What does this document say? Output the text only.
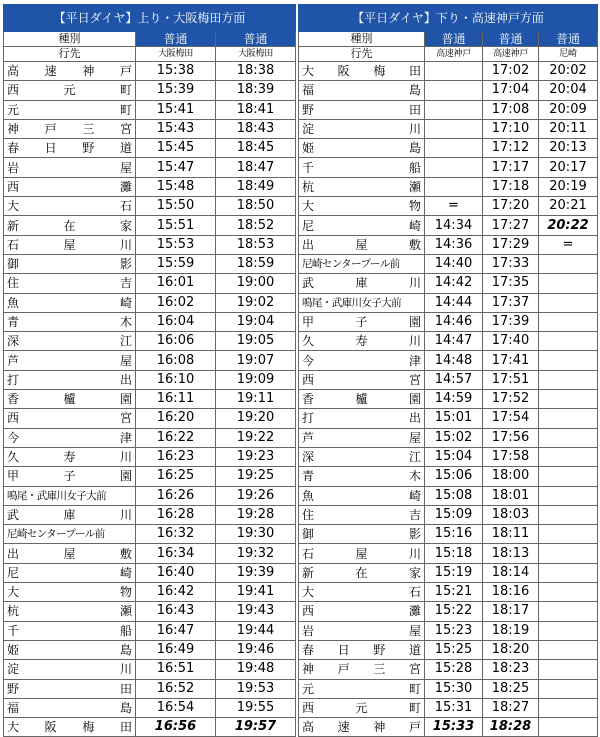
【平日ダイヤ】上り・大阪梅田方面		
種別	普通	普通
行先	大阪梅田	大阪梅田
高速神戸	15:38	18:38
西元町	15:39	18:39
元町	15:41	18:41
神戸三宮	15:43	18:43
春日野道	15:45	18:45
岩屋	15:47	18:47
西灘	15:48	18:49
大石	15:50	18:50
新在家	15:51	18:52
石屋川	15:53	18:53
御影	15:59	18:59
住吉	16:01	19:00
魚崎	16:02	19:02
青木	16:04	19:04
深江	16:06	19:05
芦屋	16:08	19:07
打出	16:10	19:09
香櫨園	16:11	19:11
西宮	16:20	19:20
今津	16:22	19:22
久寿川	16:23	19:23
甲子園	16:25	19:25
鳴尾・武庫川女子大前	16:26	19:26
武庫川	16:28	19:28
尼崎センタープール前	16:32	19:30
出屋敷	16:34	19:32
尼崎	16:40	19:39
大物	16:42	19:41
杭瀬	16:43	19:43
千船	16:47	19:44
姫島	16:49	19:46
淀川	16:51	19:48
野田	16:52	19:53
福島	16:54	19:55
大阪梅田	16:56	19:57
【平日ダイヤ】下り・高速神戸方面			
種別	普通	普通	普通
行先	高速神戸	高速神戸	尼崎
大阪梅田		17:02	20:02
福島		17:04	20:04
野田		17:08	20:09
淀川		17:10	20:11
姫島		17:12	20:13
千船		17:17	20:17
杭瀬		17:18	20:19
大物	=	17:20	20:21
尼崎	14:34	17:27	20:22
出屋敷	14:36	17:29	=
尼崎センタープール前	14:40	17:33	
武庫川	14:42	17:35	
鳴尾・武庫川女子大前	14:44	17:37	
甲子園	14:46	17:39	
久寿川	14:47	17:40	
今津	14:48	17:41	
西宮	14:57	17:51	
香櫨園	14:59	17:52	
打出	15:01	17:54	
芦屋	15:02	17:56	
深江	15:04	17:58	
青木	15:06	18:00	
魚崎	15:08	18:01	
住吉	15:09	18:03	
御影	15:16	18:11	
石屋川	15:18	18:13	
新在家	15:19	18:14	
大石	15:21	18:16	
西灘	15:22	18:17	
岩屋	15:23	18:19	
春日野道	15:25	18:20	
神戸三宮	15:28	18:23	
元町	15:30	18:25	
西元町	15:31	18:27	
高速神戸	15:33	18:28	
